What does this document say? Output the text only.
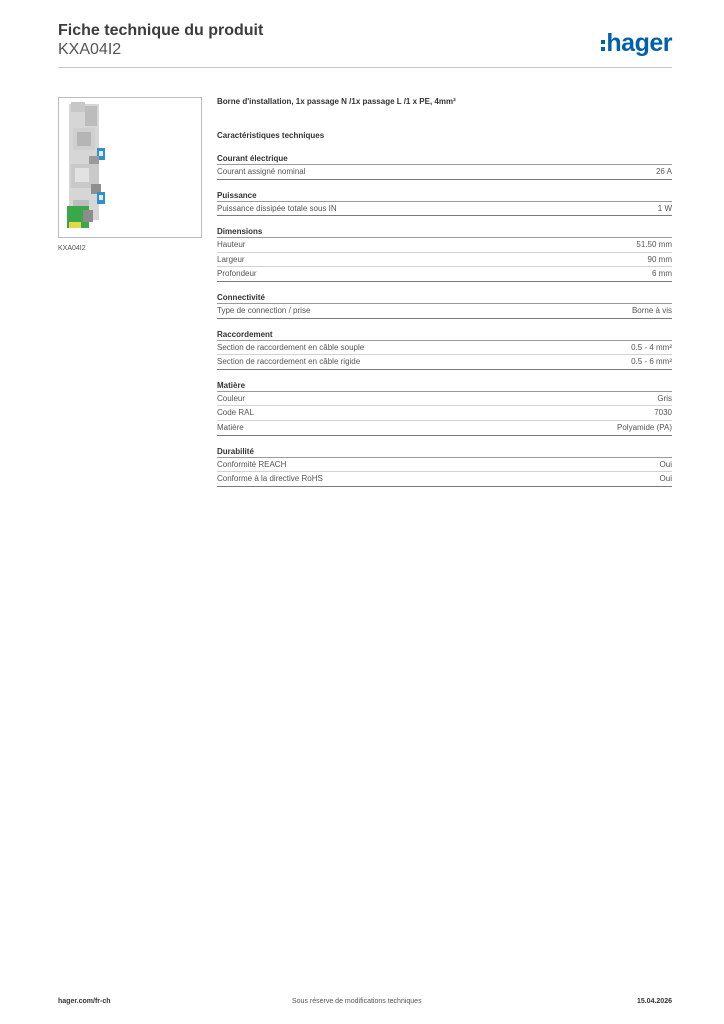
Fiche technique du produit
KXA04I2	hager
KXA04I2
Borne d'installation, 1x passage N /1x passage L /1 x PE, 4mm²
Caractéristiques techniques
Courant électrique
Courant assigné nominal	26 A
Puissance
Puissance dissipée totale sous IN	1 W
Dimensions
Hauteur	51.50 mm
Largeur	90 mm
Profondeur	6 mm
Connectivité
Type de connection / prise	Borne à vis
Raccordement
Section de raccordement en câble souple	0.5 - 4 mm²
Section de raccordement en câble rigide	0.5 - 6 mm²
Matière
Couleur	Gris
Code RAL	7030
Matière	Polyamide (PA)
Durabilité
Conformité REACH	Oui
Conforme à la directive RoHS	Oui
hager.com/fr-ch	Sous réserve de modifications techniques	15.04.2026
